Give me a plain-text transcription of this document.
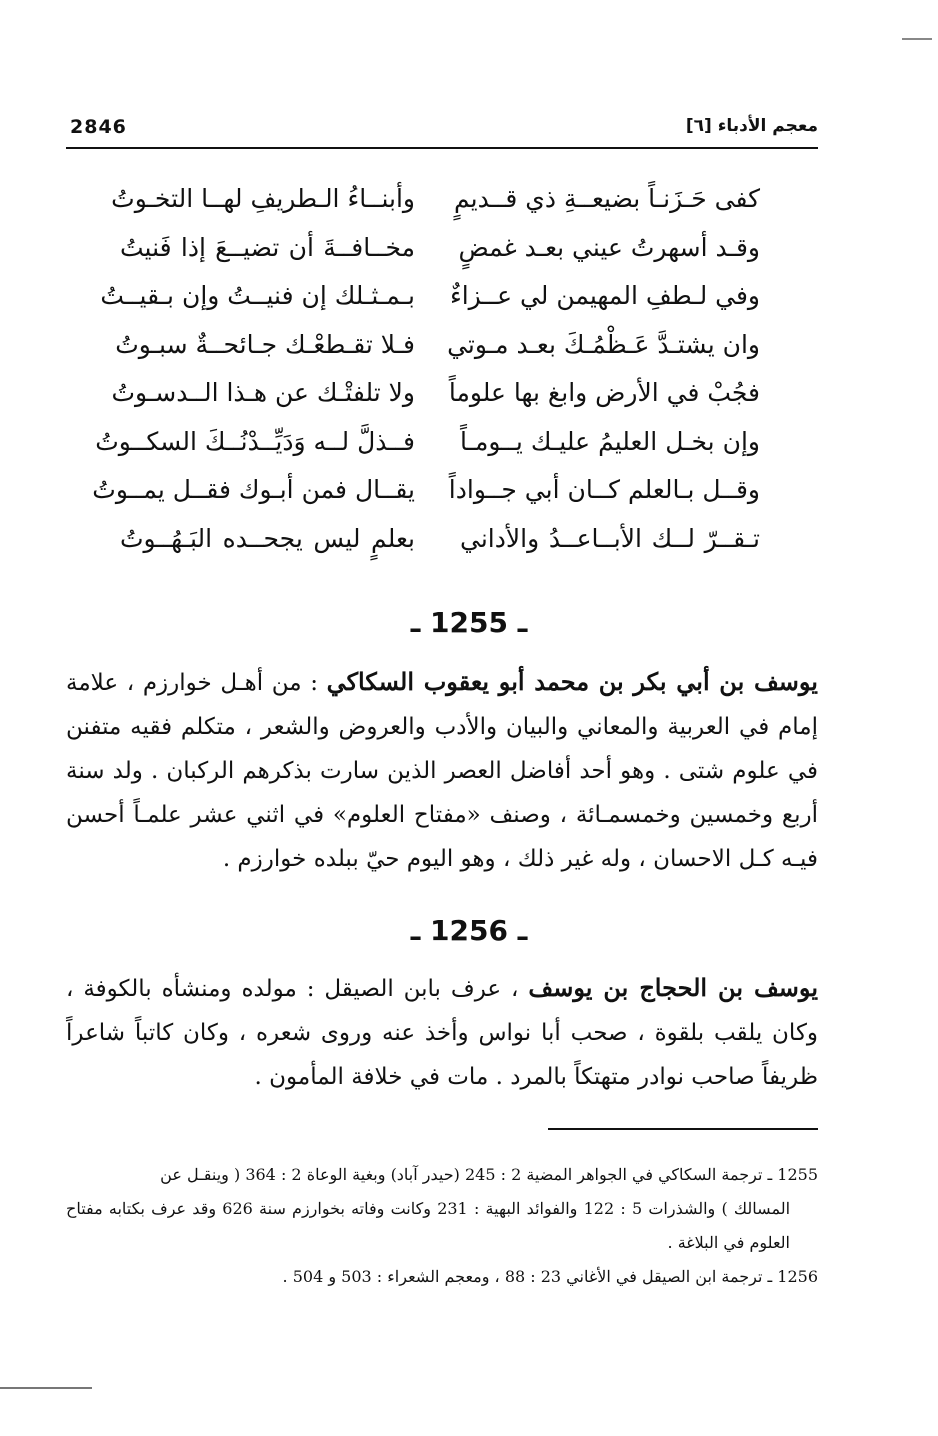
2846	معجم الأدباء [٦]
كفى حَـزَنـاً بضيعــةِ ذي قــديمٍ
وأبنــاءُ الـطريفِ لهــا التخـوتُ
وقـد أسهرتُ عيني بعـد غمضٍ
مخــافــةَ أن تضيــعَ إذا فَنيتُ
وفي لـطفِ المهيمن لي عــزاءٌ
بـمـثـلك إن فنيــتُ وإن بـقيــتُ
وان يشتـدَّ عَـظْمُـكَ بعـد مـوتي
فـلا تقـطعْـك جـائحــةٌ سبـوتُ
فجُبْ في الأرض وابغ بها علوماً
ولا تلفتْـك عن هـذا الــدسـوتُ
وإن بخـل العليمُ عليـك يــومـاً
فــذلَّ لــه وَدَيِّــدْنُــكَ السكــوتُ
وقــل بـالعلم كــان أبي جــواداً
يقــال فمن أبـوك فقــل يمــوتُ
تـقــرّ لــك الأبــاعــدُ والأداني
بعلمٍ ليس يجحــده البَـهُــوتُ
ـ 1255 ـ
يوسف بن أبي بكر بن محمد أبو يعقوب السكاكي : من أهـل خوارزم ، علامة إمام في العربية والمعاني والبيان والأدب والعروض والشعر ، متكلم فقيه متفنن في علوم شتى . وهو أحد أفاضل العصر الذين سارت بذكرهم الركبان . ولد سنة أربع وخمسين وخمسمـائة ، وصنف «مفتاح العلوم» في اثني عشر علمـاً أحسن فيـه كـل الاحسان ، وله غير ذلك ، وهو اليوم حيّ ببلده خوارزم .
ـ 1256 ـ
يوسف بن الحجاج بن يوسف ، عرف بابن الصيقل : مولده ومنشأه بالكوفة ، وكان يلقب بلقوة ، صحب أبا نواس وأخذ عنه وروى شعره ، وكان كاتباً شاعراً ظريفاً صاحب نوادر متهتكاً بالمرد . مات في خلافة المأمون .
1255 ـ ترجمة السكاكي في الجواهر المضية 2 : 245 (حيدر آباد) وبغية الوعاة 2 : 364 ( وينقـل عن
المسالك ) والشذرات 5 : 122 والفوائد البهية : 231 وكانت وفاته بخوارزم سنة 626 وقد عرف بكتابه مفتاح العلوم في البلاغة .
1256 ـ ترجمة ابن الصيقل في الأغاني 23 : 88 ، ومعجم الشعراء : 503 و 504 .
